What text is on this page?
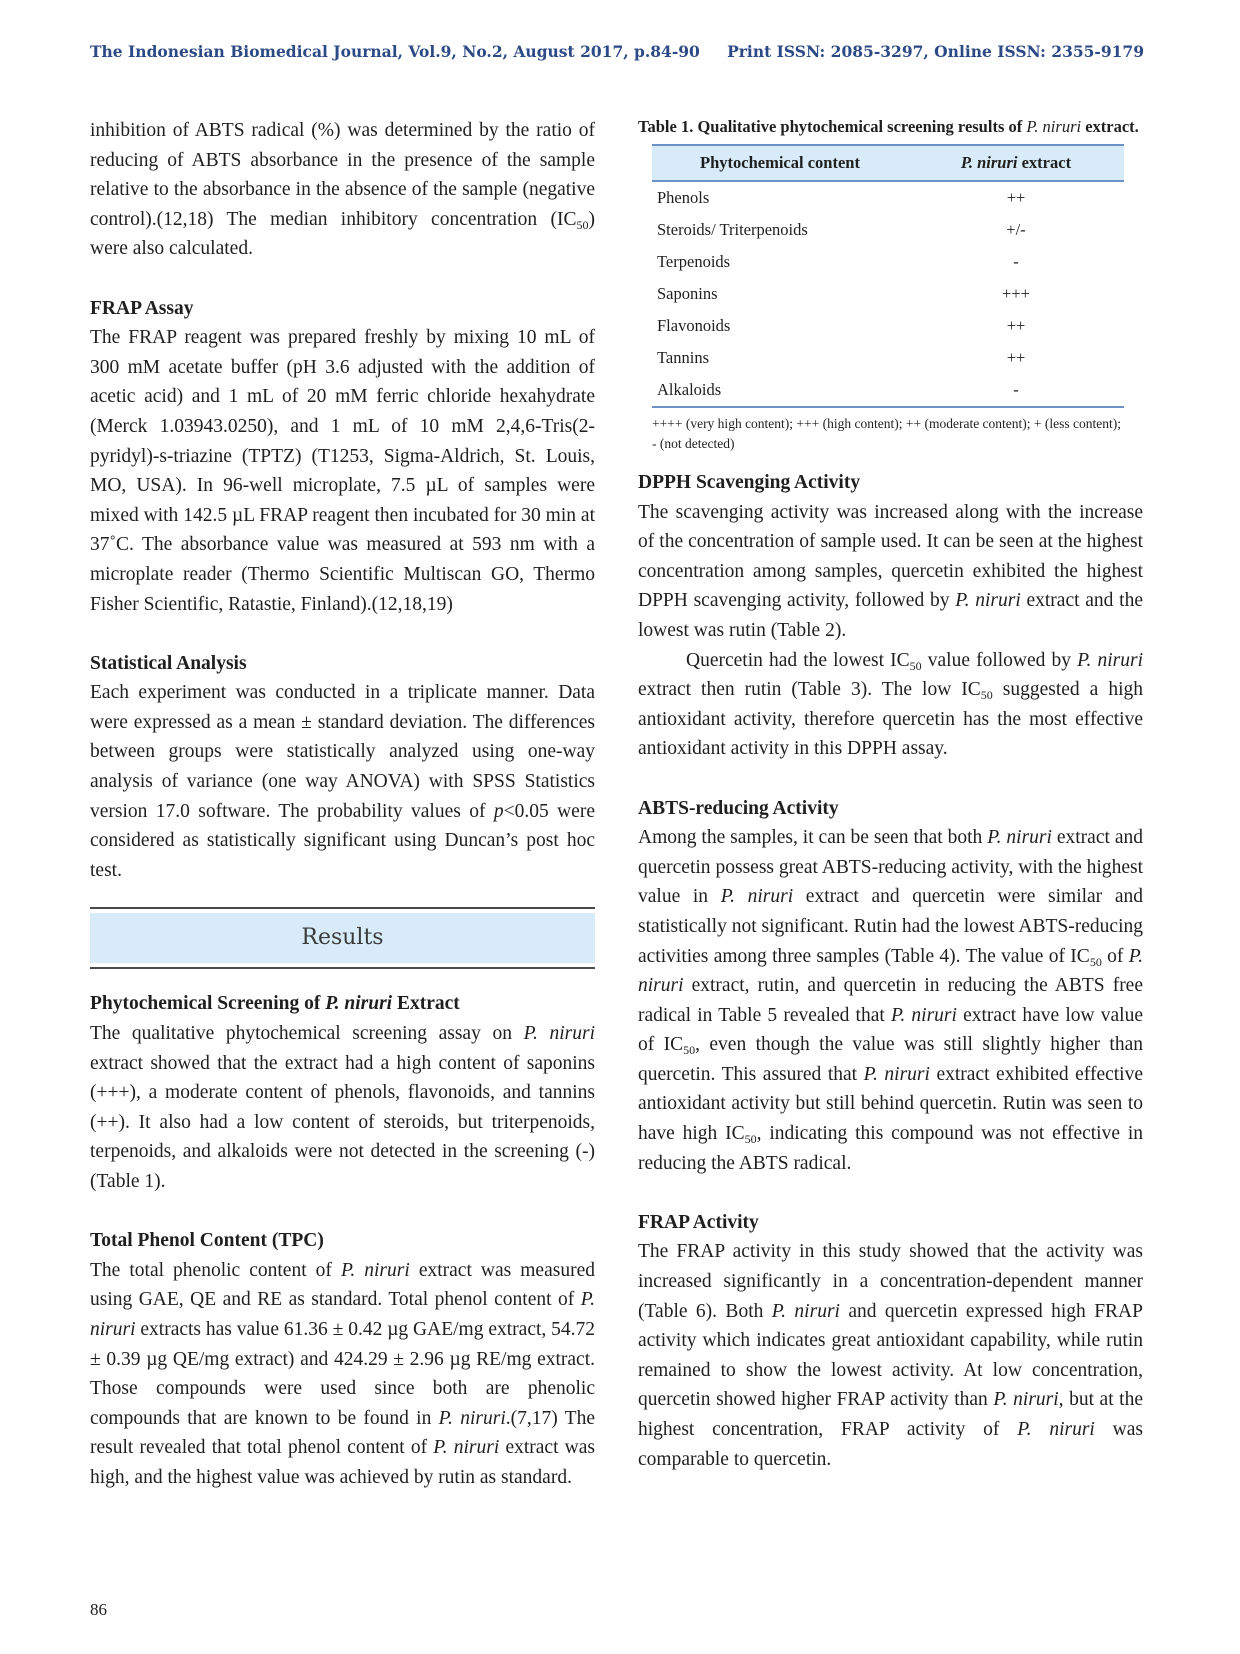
The Indonesian Biomedical Journal, Vol.9, No.2, August 2017, p.84-90 Print ISSN: 2085-3297, Online ISSN: 2355-9179

inhibition of ABTS radical (%) was determined by the ratio of reducing of ABTS absorbance in the presence of the sample relative to the absorbance in the absence of the sample (negative control).(12,18) The median inhibitory concentration $(IC_{50})$ were also calculated.

FRAP Assay

The FRAP reagent was prepared freshly by mixing 10 mL of 300 mM acetate buffer (pH 3.6 adjusted with the addition of acetic acid) and 1 mL of 20 mM ferric chloride hexahydrate (Merck 1.03943.0250), and 1 mL of 10 mM 2,4,6-Tris(2-pyridyl)-s-triazine (TPTZ) (T1253, Sigma-Aldrich, St. Louis, MO, USA). In 96-well microplate, 7.5 µL of samples were mixed with 142.5 µL FRAP reagent then incubated for 30 min at 37˚C. The absorbance value was measured at 593 nm with a microplate reader (Thermo Scientific Multiscan GO, Thermo Fisher Scientific, Ratastie, Finland).(12,18,19)

Statistical Analysis

Each experiment was conducted in a triplicate manner. Data were expressed as a mean ± standard deviation. The differences between groups were statistically analyzed using one-way analysis of variance (one way ANOVA) with SPSS Statistics version 17.0 software. The probability values of p<0.05 were considered as statistically significant using Duncan’s post hoc test.

Results
Phytochemical Screening of P. niruri Extract

The qualitative phytochemical screening assay on P. niruri extract showed that the extract had a high content of saponins (+++), a moderate content of phenols, flavonoids, and tannins (++). It also had a low content of steroids, but triterpenoids, terpenoids, and alkaloids were not detected in the screening (-) (Table 1).

Total Phenol Content (TPC)

The total phenolic content of P. niruri extract was measured using GAE, QE and RE as standard. Total phenol content of P. niruri extracts has value 61.36 ± 0.42 µg GAE/mg extract, 54.72 ± 0.39 µg QE/mg extract) and 424.29 ± 2.96 µg RE/mg extract. Those compounds were used since both are phenolic compounds that are known to be found in P. niruri.(7,17) The result revealed that total phenol content of P. niruri extract was high, and the highest value was achieved by rutin as standard.

Table 1. Qualitative phytochemical screening results of P. niruri extract.
Phytochemical content	P. niruri extract
Phenols	++
Steroids/ Triterpenoids	+/-
Terpenoids	-
Saponins	+++
Flavonoids	++
Tannins	++
Alkaloids	-
++++ (very high content); +++ (high content); ++ (moderate content); + (less content); - (not detected)
DPPH Scavenging Activity

The scavenging activity was increased along with the increase of the concentration of sample used. It can be seen at the highest concentration among samples, quercetin exhibited the highest DPPH scavenging activity, followed by P. niruri extract and the lowest was rutin (Table 2).

Quercetin had the lowest $IC_{50}$ value followed by P. niruri extract then rutin (Table 3). The low $IC_{50}$ suggested a high antioxidant activity, therefore quercetin has the most effective antioxidant activity in this DPPH assay.

ABTS-reducing Activity

Among the samples, it can be seen that both P. niruri extract and quercetin possess great ABTS-reducing activity, with the highest value in P. niruri extract and quercetin were similar and statistically not significant. Rutin had the lowest ABTS-reducing activities among three samples (Table 4). The value of $IC_{50}$ of P. niruri extract, rutin, and quercetin in reducing the ABTS free radical in Table 5 revealed that P. niruri extract have low value of $IC_{50}$, even though the value was still slightly higher than quercetin. This assured that P. niruri extract exhibited effective antioxidant activity but still behind quercetin. Rutin was seen to have high $IC_{50}$, indicating this compound was not effective in reducing the ABTS radical.

FRAP Activity

The FRAP activity in this study showed that the activity was increased significantly in a concentration-dependent manner (Table 6). Both P. niruri and quercetin expressed high FRAP activity which indicates great antioxidant capability, while rutin remained to show the lowest activity. At low concentration, quercetin showed higher FRAP activity than P. niruri, but at the highest concentration, FRAP activity of P. niruri was comparable to quercetin.

86
